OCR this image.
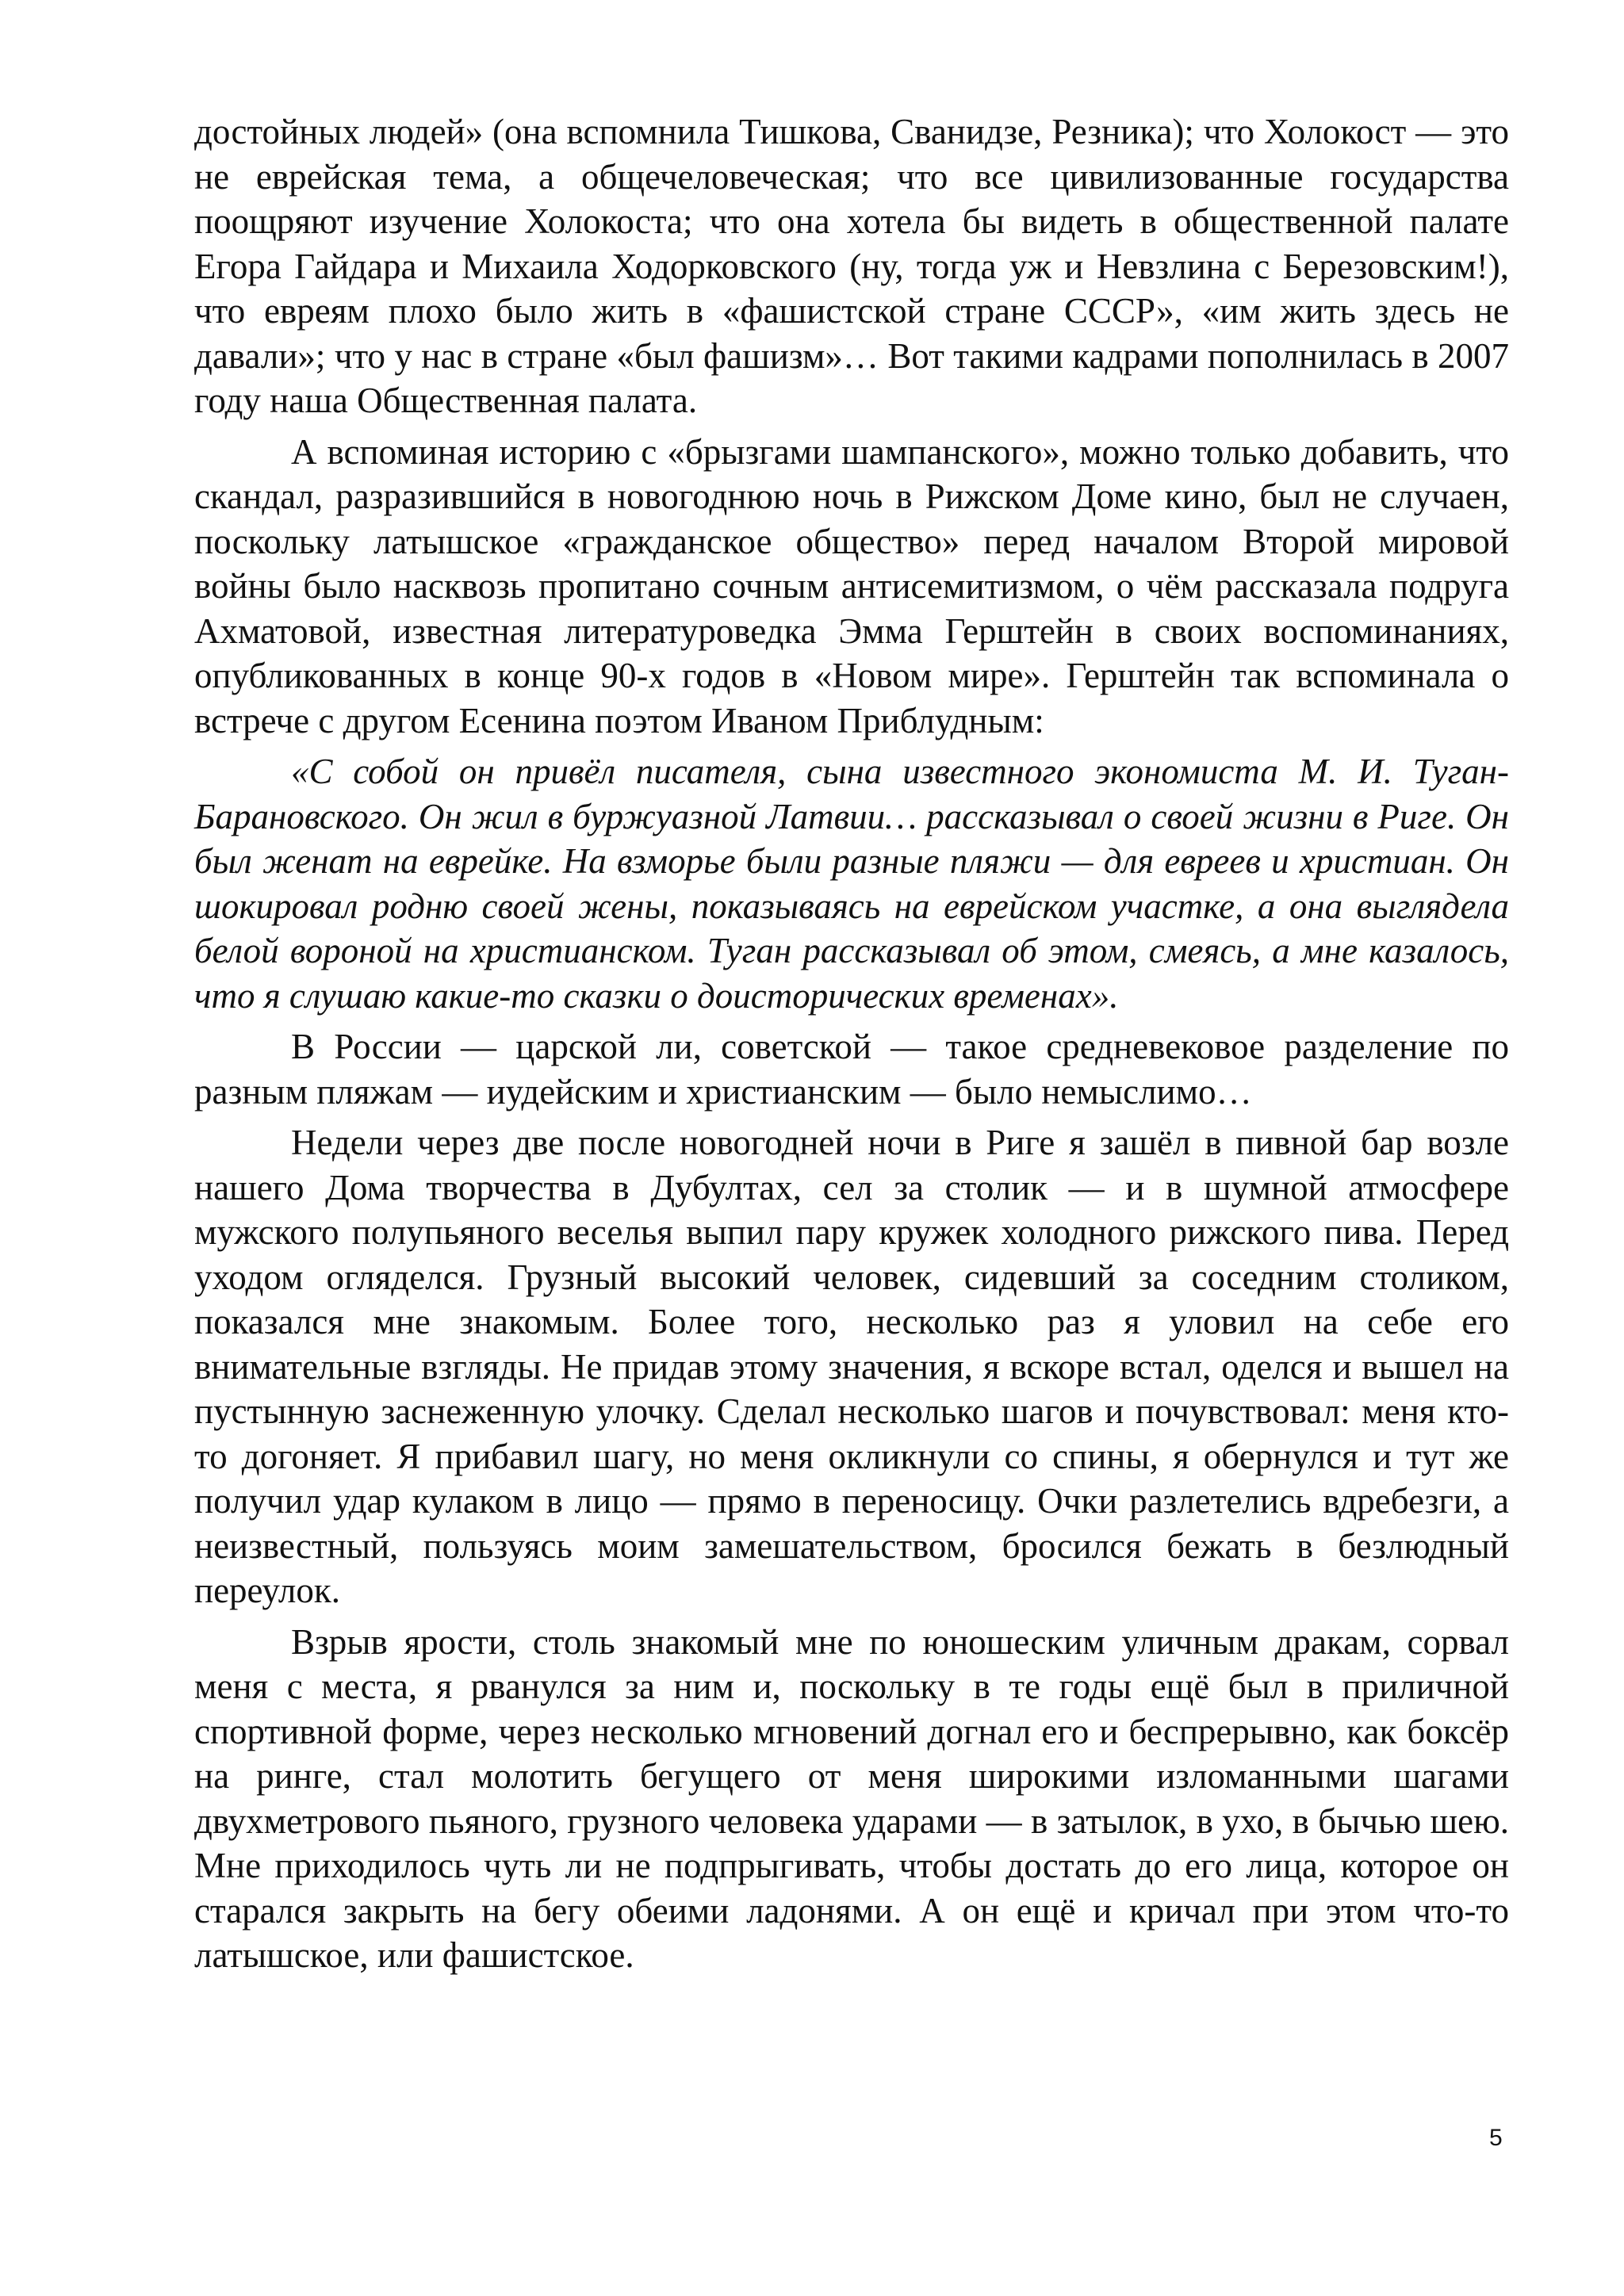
достойных людей» (она вспомнила Тишкова, Сванидзе, Резника); что Холокост — это не еврейская тема, а общечеловеческая; что все цивилизованные государства поощряют изучение Холокоста; что она хотела бы видеть в общественной палате Егора Гайдара и Михаила Ходорковского (ну, тогда уж и Невзлина с Березовским!), что евреям плохо было жить в «фашистской стране СССР», «им жить здесь не давали»; что у нас в стране «был фашизм»… Вот такими кадрами пополнилась в 2007 году наша Общественная палата.

А вспоминая историю с «брызгами шампанского», можно только добавить, что скандал, разразившийся в новогоднюю ночь в Рижском Доме кино, был не случаен, поскольку латышское «гражданское общество» перед началом Второй мировой войны было насквозь пропитано сочным антисемитизмом, о чём рассказала подруга Ахматовой, известная литературоведка Эмма Герштейн в своих воспоминаниях, опубликованных в конце 90-х годов в «Новом мире». Герштейн так вспоминала о встрече с другом Есенина поэтом Иваном Приблудным:

«С собой он привёл писателя, сына известного экономиста М. И. Туган-Барановского. Он жил в буржуазной Латвии… рассказывал о своей жизни в Риге. Он был женат на еврейке. На взморье были разные пляжи — для евреев и христиан. Он шокировал родню своей жены, показываясь на еврейском участке, а она выглядела белой вороной на христианском. Туган рассказывал об этом, смеясь, а мне казалось, что я слушаю какие-то сказки о доисторических временах».

В России — царской ли, советской — такое средневековое разделение по разным пляжам — иудейским и христианским — было немыслимо…

Недели через две после новогодней ночи в Риге я зашёл в пивной бар возле нашего Дома творчества в Дубултах, сел за столик — и в шумной атмосфере мужского полупьяного веселья выпил пару кружек холодного рижского пива. Перед уходом огляделся. Грузный высокий человек, сидевший за соседним столиком, показался мне знакомым. Более того, несколько раз я уловил на себе его внимательные взгляды. Не придав этому значения, я вскоре встал, оделся и вышел на пустынную заснеженную улочку. Сделал несколько шагов и почувствовал: меня кто-то догоняет. Я прибавил шагу, но меня окликнули со спины, я обернулся и тут же получил удар кулаком в лицо — прямо в переносицу. Очки разлетелись вдребезги, а неизвестный, пользуясь моим замешательством, бросился бежать в безлюдный переулок.

Взрыв ярости, столь знакомый мне по юношеским уличным дракам, сорвал меня с места, я рванулся за ним и, поскольку в те годы ещё был в приличной спортивной форме, через несколько мгновений догнал его и беспрерывно, как боксёр на ринге, стал молотить бегущего от меня широкими изломанными шагами двухметрового пьяного, грузного человека ударами — в затылок, в ухо, в бычью шею. Мне приходилось чуть ли не подпрыгивать, чтобы достать до его лица, которое он старался закрыть на бегу обеими ладонями. А он ещё и кричал при этом что-то латышское, или фашистское.

5
